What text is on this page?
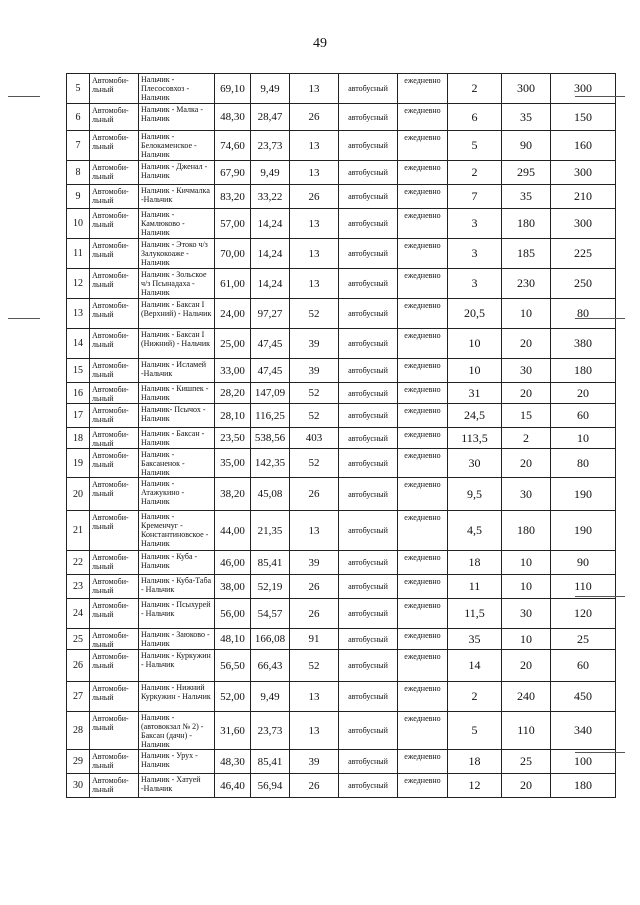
49
5	Автомоби-льный	Нальчик - Плесосовхоз - Нальчик	69,10	9,49	13	автобусный	ежедневно	2	300	300
6	Автомоби-льный	Нальчик - Малка - Нальчик	48,30	28,47	26	автобусный	ежедневно	6	35	150
7	Автомоби-льный	Нальчик - Белокаменское - Нальчик	74,60	23,73	13	автобусный	ежедневно	5	90	160
8	Автомоби-льный	Нальчик - Дженал - Нальчик	67,90	9,49	13	автобусный	ежедневно	2	295	300
9	Автомоби-льный	Нальчик - Кичмалка -Нальчик	83,20	33,22	26	автобусный	ежедневно	7	35	210
10	Автомоби-льный	Нальчик - Камлюково - Нальчик	57,00	14,24	13	автобусный	ежедневно	3	180	300
11	Автомоби-льный	Нальчик - Этоко ч/з Залукокоаже - Нальчик	70,00	14,24	13	автобусный	ежедневно	3	185	225
12	Автомоби-льный	Нальчик - Зольское ч/з Псынадаха - Нальчик	61,00	14,24	13	автобусный	ежедневно	3	230	250
13	Автомоби-льный	Нальчик - Баксан I (Верхний) - Нальчик	24,00	97,27	52	автобусный	ежедневно	20,5	10	80
14	Автомоби-льный	Нальчик - Баксан I (Нижний) - Нальчик	25,00	47,45	39	автобусный	ежедневно	10	20	380
15	Автомоби-льный	Нальчик - Исламей -Нальчик	33,00	47,45	39	автобусный	ежедневно	10	30	180
16	Автомоби-льный	Нальчик - Кишпек - Нальчик	28,20	147,09	52	автобусный	ежедневно	31	20	20
17	Автомоби-льный	Нальчик- Псычох - Нальчик	28,10	116,25	52	автобусный	ежедневно	24,5	15	60
18	Автомоби-льный	Нальчик - Баксан - Нальчик	23,50	538,56	403	автобусный	ежедневно	113,5	2	10
19	Автомоби-льный	Нальчик - Баксаненок - Нальчик	35,00	142,35	52	автобусный	ежедневно	30	20	80
20	Автомоби-льный	Нальчик - Атажукино - Нальчик	38,20	45,08	26	автобусный	ежедневно	9,5	30	190
21	Автомоби-льный	Нальчик - Кременчуг - Константиновское - Нальчик	44,00	21,35	13	автобусный	ежедневно	4,5	180	190
22	Автомоби-льный	Нальчик - Куба - Нальчик	46,00	85,41	39	автобусный	ежедневно	18	10	90
23	Автомоби-льный	Нальчик - Куба-Таба - Нальчик	38,00	52,19	26	автобусный	ежедневно	11	10	110
24	Автомоби-льный	Нальчик - Псыхурей - Нальчик	56,00	54,57	26	автобусный	ежедневно	11,5	30	120
25	Автомоби-льный	Нальчик - Заюково - Нальчик	48,10	166,08	91	автобусный	ежедневно	35	10	25
26	Автомоби-льный	Нальчик - Куркужин - Нальчик	56,50	66,43	52	автобусный	ежедневно	14	20	60
27	Автомоби-льный	Нальчик - Нижний Куркужин - Нальчик	52,00	9,49	13	автобусный	ежедневно	2	240	450
28	Автомоби-льный	Нальчик - (автовокзал № 2) - Баксан (дачн) - Нальчик	31,60	23,73	13	автобусный	ежедневно	5	110	340
29	Автомоби-льный	Нальчик - Урух - Нальчик	48,30	85,41	39	автобусный	ежедневно	18	25	100
30	Автомоби-льный	Нальчик - Хатуей -Нальчик	46,40	56,94	26	автобусный	ежедневно	12	20	180
